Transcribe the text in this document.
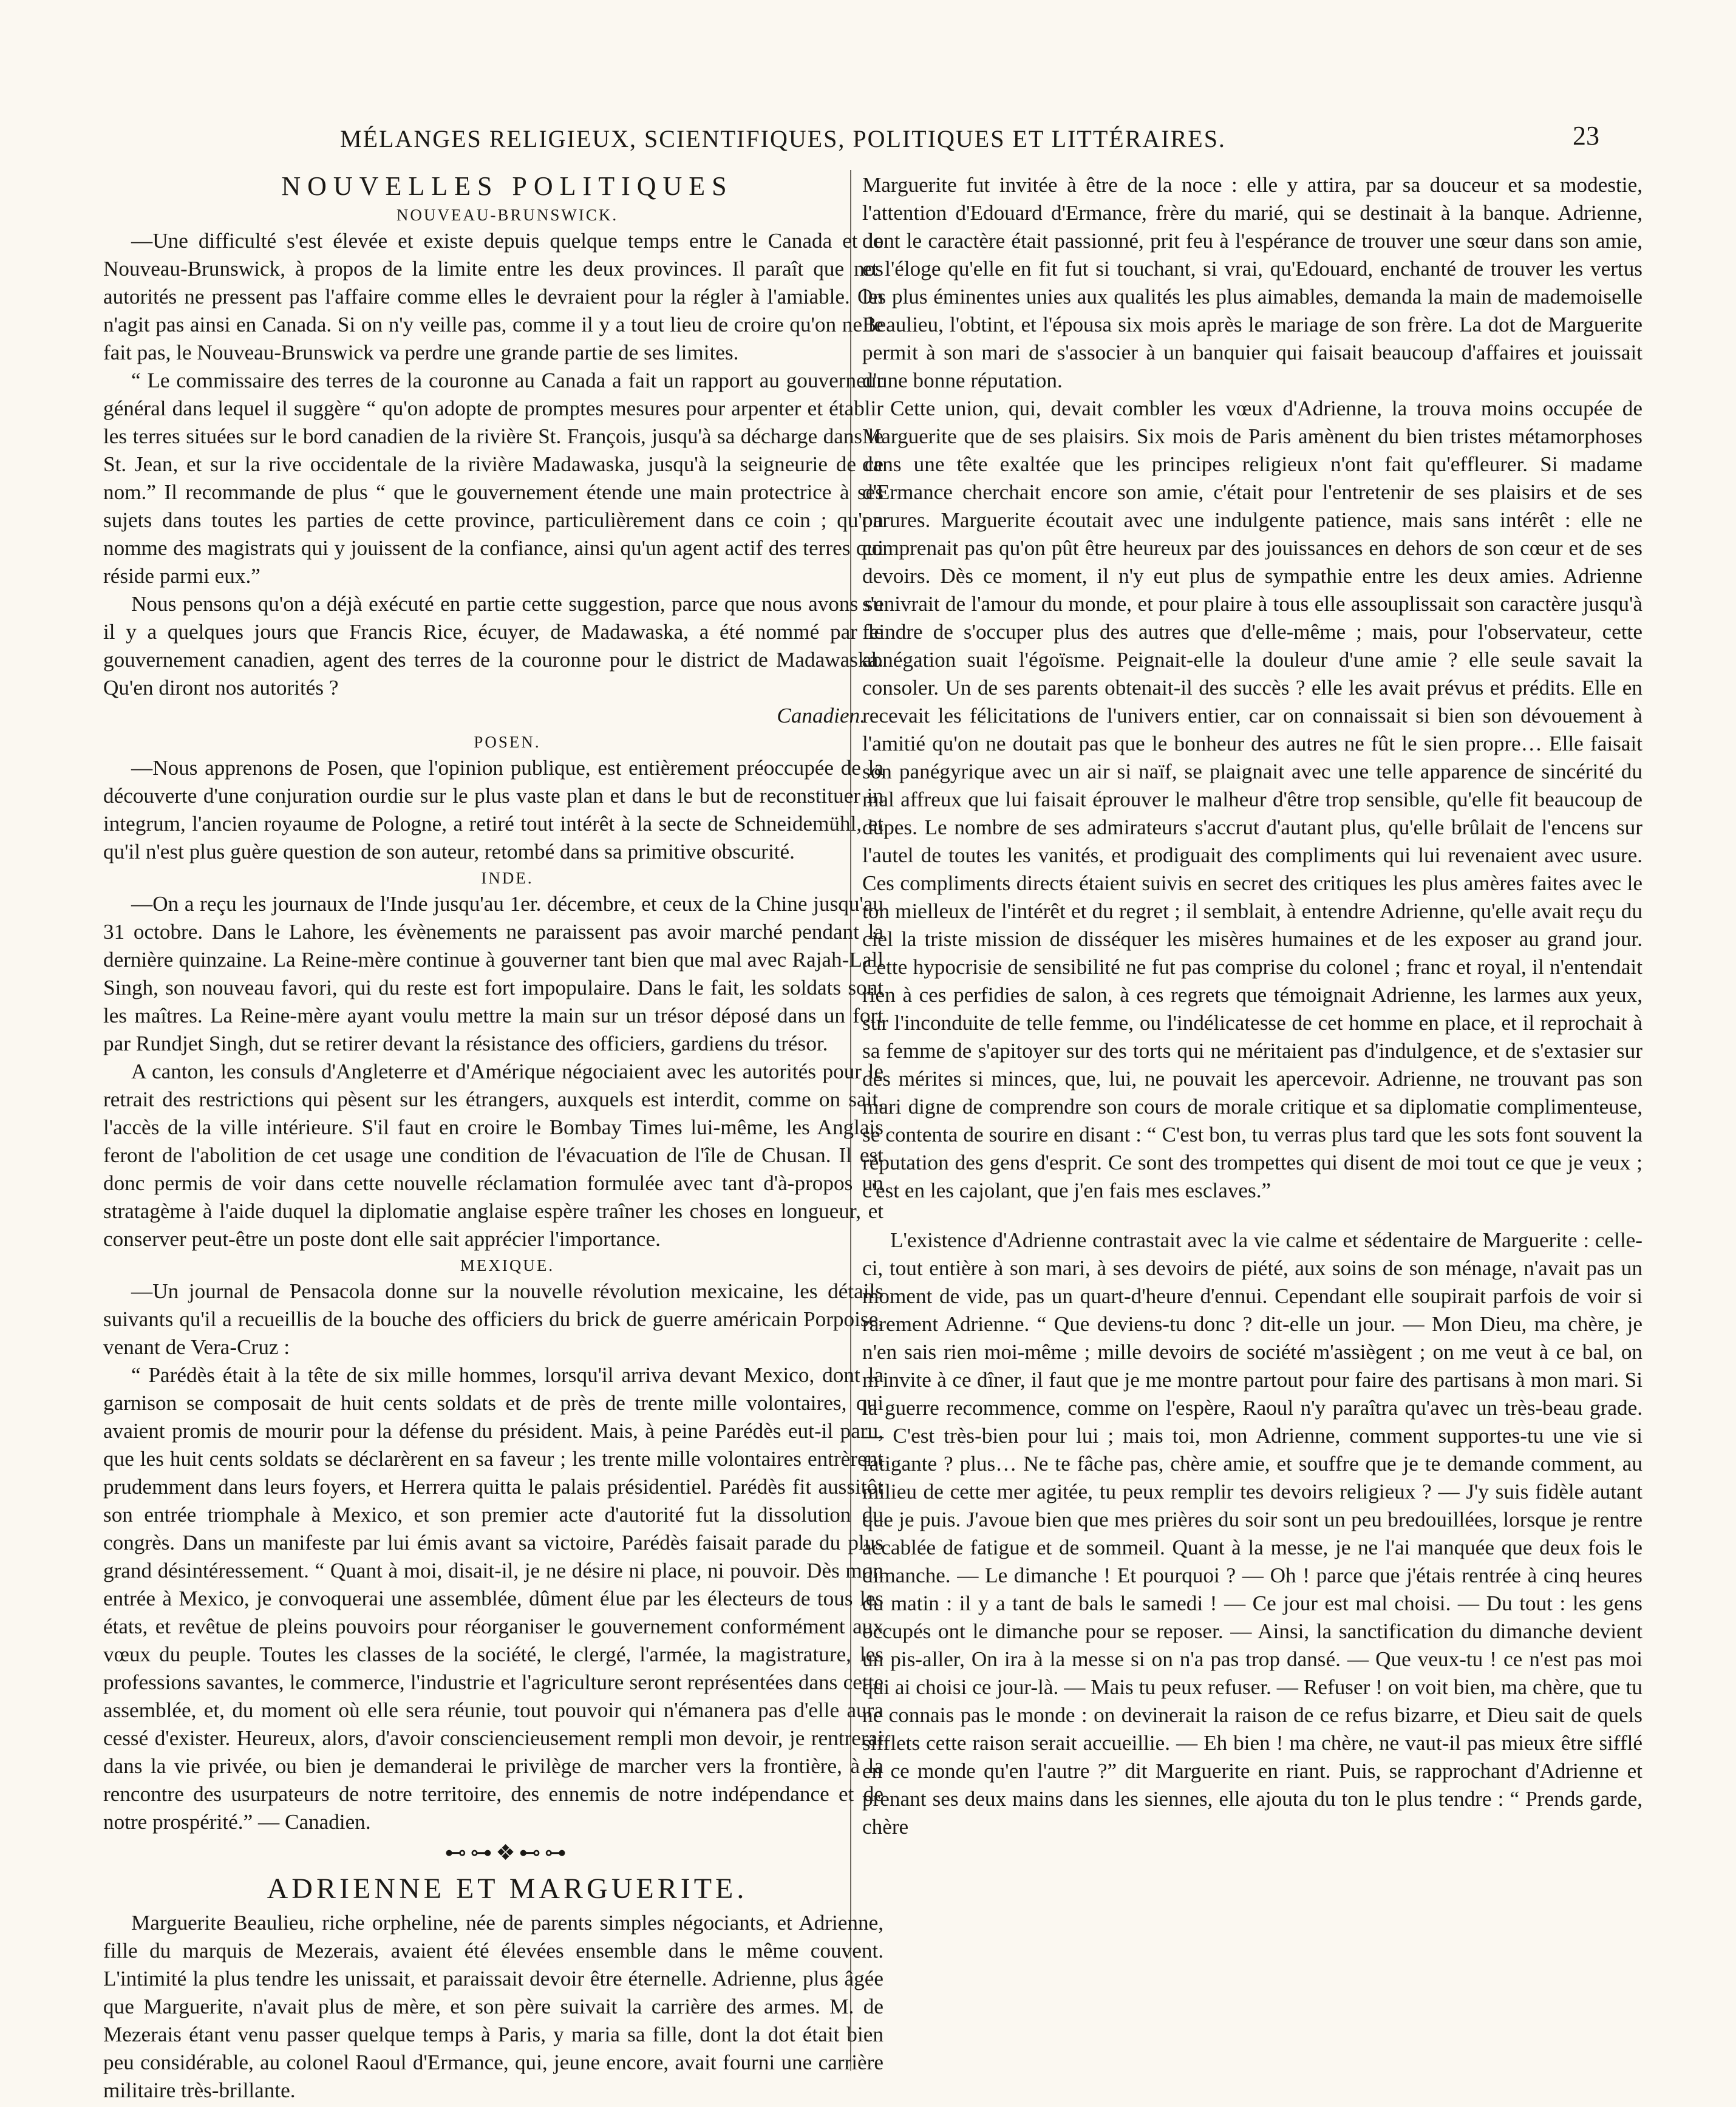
MÉLANGES RELIGIEUX, SCIENTIFIQUES, POLITIQUES ET LITTÉRAIRES.	23

NOUVELLES POLITIQUES

NOUVEAU-BRUNSWICK.

—Une difficulté s'est élevée et existe depuis quelque temps entre le Canada et le Nouveau-Brunswick, à propos de la limite entre les deux provinces. Il paraît que nos autorités ne pressent pas l'affaire comme elles le devraient pour la régler à l'amiable. On n'agit pas ainsi en Canada. Si on n'y veille pas, comme il y a tout lieu de croire qu'on ne le fait pas, le Nouveau-Brunswick va perdre une grande partie de ses limites.

“ Le commissaire des terres de la couronne au Canada a fait un rapport au gouverneur général dans lequel il suggère “ qu'on adopte de promptes mesures pour arpenter et établir les terres situées sur le bord canadien de la rivière St. François, jusqu'à sa décharge dans le St. Jean, et sur la rive occidentale de la rivière Madawaska, jusqu'à la seigneurie de ce nom.” Il recommande de plus “ que le gouvernement étende une main protectrice à ses sujets dans toutes les parties de cette province, particulièrement dans ce coin ; qu'on nomme des magistrats qui y jouissent de la confiance, ainsi qu'un agent actif des terres qui réside parmi eux.”

Nous pensons qu'on a déjà exécuté en partie cette suggestion, parce que nous avons su il y a quelques jours que Francis Rice, écuyer, de Madawaska, a été nommé par le gouvernement canadien, agent des terres de la couronne pour le district de Madawaska. Qu'en diront nos autorités ?

Canadien.

POSEN.

—Nous apprenons de Posen, que l'opinion publique, est entièrement préoccupée de la découverte d'une conjuration ourdie sur le plus vaste plan et dans le but de reconstituer in integrum, l'ancien royaume de Pologne, a retiré tout intérêt à la secte de Schneidemühl, et qu'il n'est plus guère question de son auteur, retombé dans sa primitive obscurité.

INDE.

—On a reçu les journaux de l'Inde jusqu'au 1er. décembre, et ceux de la Chine jusqu'au 31 octobre. Dans le Lahore, les évènements ne paraissent pas avoir marché pendant la dernière quinzaine. La Reine-mère continue à gouverner tant bien que mal avec Rajah-Lall Singh, son nouveau favori, qui du reste est fort impopulaire. Dans le fait, les soldats sont les maîtres. La Reine-mère ayant voulu mettre la main sur un trésor déposé dans un fort par Rundjet Singh, dut se retirer devant la résistance des officiers, gardiens du trésor.

A canton, les consuls d'Angleterre et d'Amérique négociaient avec les autorités pour le retrait des restrictions qui pèsent sur les étrangers, auxquels est interdit, comme on sait, l'accès de la ville intérieure. S'il faut en croire le Bombay Times lui-même, les Anglais feront de l'abolition de cet usage une condition de l'évacuation de l'île de Chusan. Il est donc permis de voir dans cette nouvelle réclamation formulée avec tant d'à-propos un stratagème à l'aide duquel la diplomatie anglaise espère traîner les choses en longueur, et conserver peut-être un poste dont elle sait apprécier l'importance.

MEXIQUE.

—Un journal de Pensacola donne sur la nouvelle révolution mexicaine, les détails suivants qu'il a recueillis de la bouche des officiers du brick de guerre américain Porpoise, venant de Vera-Cruz :

“ Parédès était à la tête de six mille hommes, lorsqu'il arriva devant Mexico, dont la garnison se composait de huit cents soldats et de près de trente mille volontaires, qui avaient promis de mourir pour la défense du président. Mais, à peine Parédès eut-il paru, que les huit cents soldats se déclarèrent en sa faveur ; les trente mille volontaires entrèrent prudemment dans leurs foyers, et Herrera quitta le palais présidentiel. Parédès fit aussitôt son entrée triomphale à Mexico, et son premier acte d'autorité fut la dissolution du congrès. Dans un manifeste par lui émis avant sa victoire, Parédès faisait parade du plus grand désintéressement. “ Quant à moi, disait-il, je ne désire ni place, ni pouvoir. Dès mon entrée à Mexico, je convoquerai une assemblée, dûment élue par les électeurs de tous les états, et revêtue de pleins pouvoirs pour réorganiser le gouvernement conformément aux vœux du peuple. Toutes les classes de la société, le clergé, l'armée, la magistrature, les professions savantes, le commerce, l'industrie et l'agriculture seront représentées dans cette assemblée, et, du moment où elle sera réunie, tout pouvoir qui n'émanera pas d'elle aura cessé d'exister. Heureux, alors, d'avoir consciencieusement rempli mon devoir, je rentrerai dans la vie privée, ou bien je demanderai le privilège de marcher vers la frontière, à la rencontre des usurpateurs de notre territoire, des ennemis de notre indépendance et de notre prospérité.” — Canadien.

⊷⊶❖⊷⊶

ADRIENNE ET MARGUERITE.

Marguerite Beaulieu, riche orpheline, née de parents simples négociants, et Adrienne, fille du marquis de Mezerais, avaient été élevées ensemble dans le même couvent. L'intimité la plus tendre les unissait, et paraissait devoir être éternelle. Adrienne, plus âgée que Marguerite, n'avait plus de mère, et son père suivait la carrière des armes. M. de Mezerais étant venu passer quelque temps à Paris, y maria sa fille, dont la dot était bien peu considérable, au colonel Raoul d'Ermance, qui, jeune encore, avait fourni une carrière militaire très-brillante.

Marguerite fut invitée à être de la noce : elle y attira, par sa douceur et sa modestie, l'attention d'Edouard d'Ermance, frère du marié, qui se destinait à la banque. Adrienne, dont le caractère était passionné, prit feu à l'espérance de trouver une sœur dans son amie, et l'éloge qu'elle en fit fut si touchant, si vrai, qu'Edouard, enchanté de trouver les vertus les plus éminentes unies aux qualités les plus aimables, demanda la main de mademoiselle Beaulieu, l'obtint, et l'épousa six mois après le mariage de son frère. La dot de Marguerite permit à son mari de s'associer à un banquier qui faisait beaucoup d'affaires et jouissait d'une bonne réputation.

Cette union, qui, devait combler les vœux d'Adrienne, la trouva moins occupée de Marguerite que de ses plaisirs. Six mois de Paris amènent du bien tristes métamorphoses dans une tête exaltée que les principes religieux n'ont fait qu'effleurer. Si madame d'Ermance cherchait encore son amie, c'était pour l'entretenir de ses plaisirs et de ses parures. Marguerite écoutait avec une indulgente patience, mais sans intérêt : elle ne comprenait pas qu'on pût être heureux par des jouissances en dehors de son cœur et de ses devoirs. Dès ce moment, il n'y eut plus de sympathie entre les deux amies. Adrienne s'enivrait de l'amour du monde, et pour plaire à tous elle assouplissait son caractère jusqu'à feindre de s'occuper plus des autres que d'elle-même ; mais, pour l'observateur, cette abnégation suait l'égoïsme. Peignait-elle la douleur d'une amie ? elle seule savait la consoler. Un de ses parents obtenait-il des succès ? elle les avait prévus et prédits. Elle en recevait les félicitations de l'univers entier, car on connaissait si bien son dévouement à l'amitié qu'on ne doutait pas que le bonheur des autres ne fût le sien propre… Elle faisait son panégyrique avec un air si naïf, se plaignait avec une telle apparence de sincérité du mal affreux que lui faisait éprouver le malheur d'être trop sensible, qu'elle fit beaucoup de dupes. Le nombre de ses admirateurs s'accrut d'autant plus, qu'elle brûlait de l'encens sur l'autel de toutes les vanités, et prodiguait des compliments qui lui revenaient avec usure. Ces compliments directs étaient suivis en secret des critiques les plus amères faites avec le ton mielleux de l'intérêt et du regret ; il semblait, à entendre Adrienne, qu'elle avait reçu du ciel la triste mission de disséquer les misères humaines et de les exposer au grand jour. Cette hypocrisie de sensibilité ne fut pas comprise du colonel ; franc et royal, il n'entendait rien à ces perfidies de salon, à ces regrets que témoignait Adrienne, les larmes aux yeux, sur l'inconduite de telle femme, ou l'indélicatesse de cet homme en place, et il reprochait à sa femme de s'apitoyer sur des torts qui ne méritaient pas d'indulgence, et de s'extasier sur des mérites si minces, que, lui, ne pouvait les apercevoir. Adrienne, ne trouvant pas son mari digne de comprendre son cours de morale critique et sa diplomatie complimenteuse, se contenta de sourire en disant : “ C'est bon, tu verras plus tard que les sots font souvent la réputation des gens d'esprit. Ce sont des trompettes qui disent de moi tout ce que je veux ; c'est en les cajolant, que j'en fais mes esclaves.”

L'existence d'Adrienne contrastait avec la vie calme et sédentaire de Marguerite : celle-ci, tout entière à son mari, à ses devoirs de piété, aux soins de son ménage, n'avait pas un moment de vide, pas un quart-d'heure d'ennui. Cependant elle soupirait parfois de voir si rarement Adrienne. “ Que deviens-tu donc ? dit-elle un jour. — Mon Dieu, ma chère, je n'en sais rien moi-même ; mille devoirs de société m'assiègent ; on me veut à ce bal, on m'invite à ce dîner, il faut que je me montre partout pour faire des partisans à mon mari. Si la guerre recommence, comme on l'espère, Raoul n'y paraîtra qu'avec un très-beau grade. — C'est très-bien pour lui ; mais toi, mon Adrienne, comment supportes-tu une vie si fatigante ? plus… Ne te fâche pas, chère amie, et souffre que je te demande comment, au milieu de cette mer agitée, tu peux remplir tes devoirs religieux ? — J'y suis fidèle autant que je puis. J'avoue bien que mes prières du soir sont un peu bredouillées, lorsque je rentre accablée de fatigue et de sommeil. Quant à la messe, je ne l'ai manquée que deux fois le dimanche. — Le dimanche ! Et pourquoi ? — Oh ! parce que j'étais rentrée à cinq heures du matin : il y a tant de bals le samedi ! — Ce jour est mal choisi. — Du tout : les gens occupés ont le dimanche pour se reposer. — Ainsi, la sanctification du dimanche devient un pis-aller, On ira à la messe si on n'a pas trop dansé. — Que veux-tu ! ce n'est pas moi qui ai choisi ce jour-là. — Mais tu peux refuser. — Refuser ! on voit bien, ma chère, que tu ne connais pas le monde : on devinerait la raison de ce refus bizarre, et Dieu sait de quels sifflets cette raison serait accueillie. — Eh bien ! ma chère, ne vaut-il pas mieux être sifflé en ce monde qu'en l'autre ?” dit Marguerite en riant. Puis, se rapprochant d'Adrienne et prenant ses deux mains dans les siennes, elle ajouta du ton le plus tendre : “ Prends garde, chère
